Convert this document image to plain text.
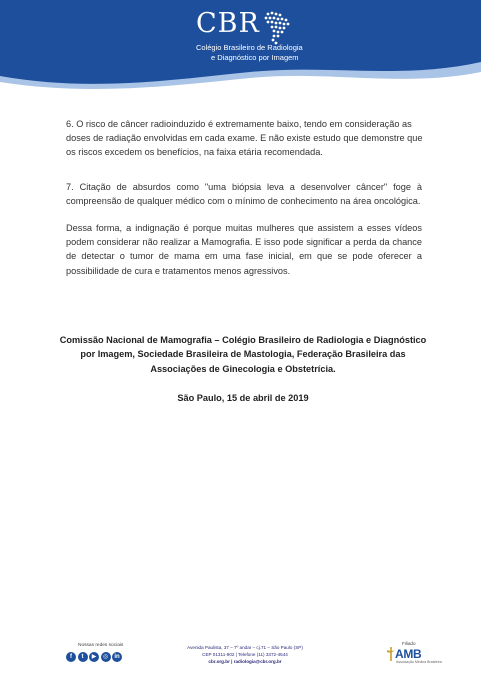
CBR
Colégio Brasileiro de Radiologia
e Diagnóstico por Imagem

6. O risco de câncer radioinduzido é extremamente baixo, tendo em consideração as doses de radiação envolvidas em cada exame. E não existe estudo que demonstre que os riscos excedem os benefícios, na faixa etária recomendada.

7. Citação de absurdos como "uma biópsia leva a desenvolver câncer" foge à compreensão de qualquer médico com o mínimo de conhecimento na área oncológica.

Dessa forma, a indignação é porque muitas mulheres que assistem a esses vídeos podem considerar não realizar a Mamografia. E isso pode significar a perda da chance de detectar o tumor de mama em uma fase inicial, em que se pode oferecer a possibilidade de cura e tratamentos menos agressivos.

Comissão Nacional de Mamografia – Colégio Brasileiro de Radiologia e Diagnóstico por Imagem, Sociedade Brasileira de Mastologia, Federação Brasileira das Associações de Ginecologia e Obstetrícia.
São Paulo, 15 de abril de 2019
Nossas redes sociais
f	t	▶	◎	in
Avenida Paulista, 37 – 7º andar – cj.71 – São Paulo (SP)
CEP 01311-902 | Telefone (11) 3372-4544
cbr.org.br | radiologia@cbr.org.br
Filiado
AMB
Associação Médica Brasileira
